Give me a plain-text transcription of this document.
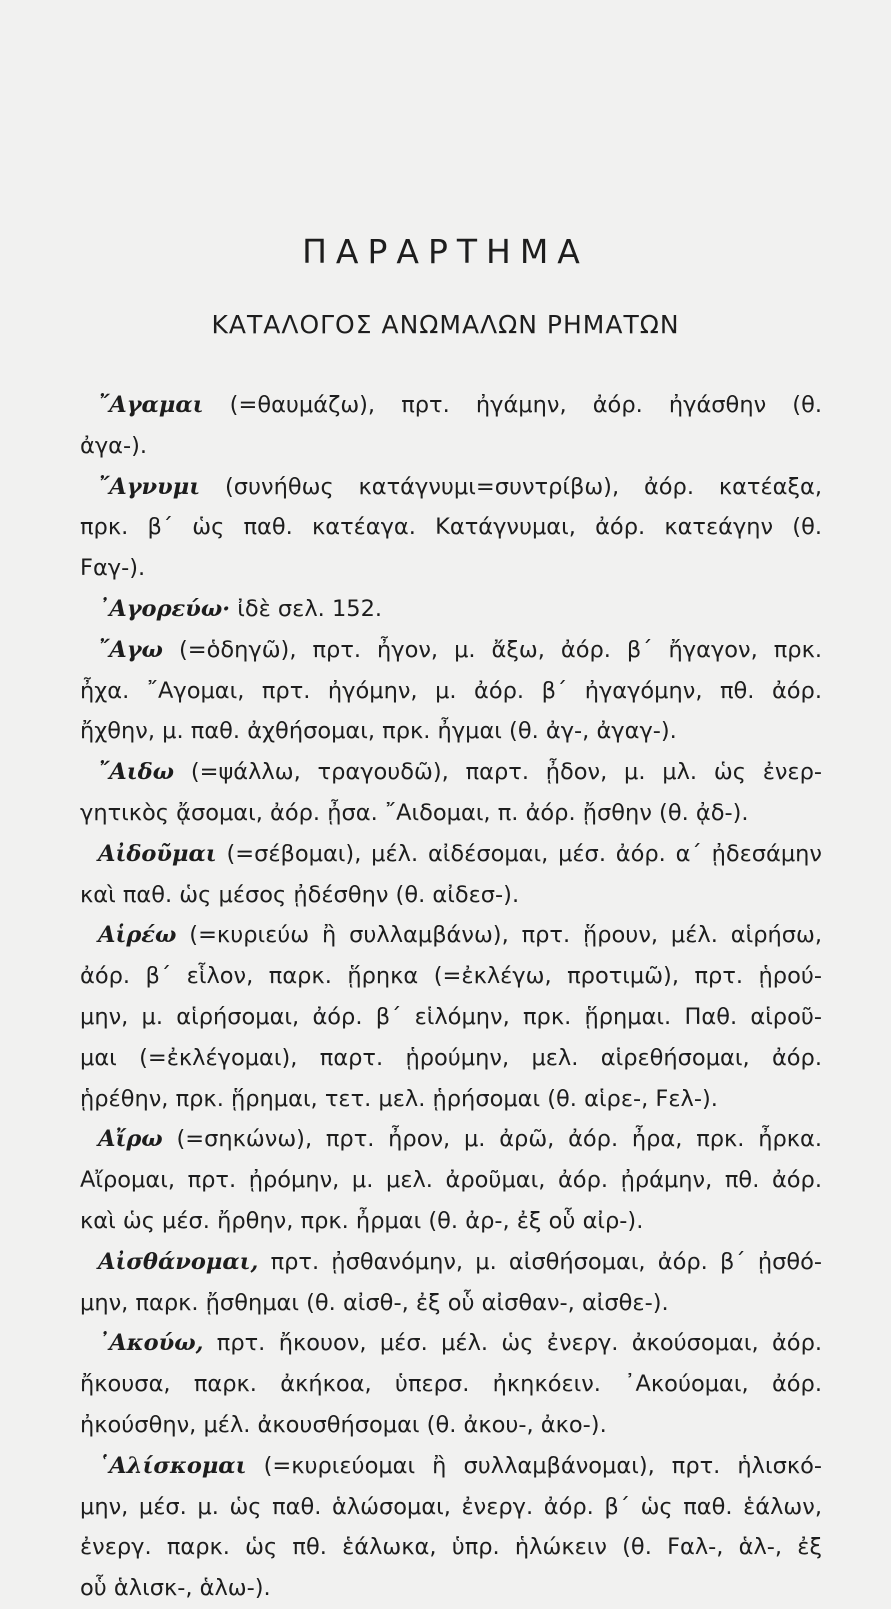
ΠΑΡΑΡΤΗΜΑ
ΚΑΤΑΛΟΓΟΣ ΑΝΩΜΑΛΩΝ ΡΗΜΑΤΩΝ
῎Αγαμαι (=θαυμάζω), πρτ. ἠγάμην, ἀόρ. ἠγάσθην (θ.
ἀγα-).
῎Αγνυμι (συνήθως κατάγνυμι=συντρίβω), ἀόρ. κατέαξα,
πρκ. β΄ ὡς παθ. κατέαγα. Κατάγνυμαι, ἀόρ. κατεάγην (θ.
Ϝαγ-).
᾿Αγορεύω· ἰδὲ σελ. 152.
῎Αγω (=ὁδηγῶ), πρτ. ἦγον, μ. ἄξω, ἀόρ. β΄ ἤγαγον, πρκ.
ἦχα. ῎Αγομαι, πρτ. ἠγόμην, μ. ἀόρ. β΄ ἠγαγόμην, πθ. ἀόρ.
ἤχθην, μ. παθ. ἀχθήσομαι, πρκ. ἦγμαι (θ. ἀγ-, ἀγαγ-).
῎Αιδω (=ψάλλω, τραγουδῶ), παρτ. ᾖδον, μ. μλ. ὡς ἐνερ-
γητικὸς ᾄσομαι, ἀόρ. ᾖσα. ῎Αιδομαι, π. ἀόρ. ᾔσθην (θ. ᾀδ-).
Αἰδοῦμαι (=σέβομαι), μέλ. αἰδέσομαι, μέσ. ἀόρ. α΄ ᾐδεσάμην
καὶ παθ. ὡς μέσος ᾐδέσθην (θ. αἰδεσ-).
Αἱρέω (=κυριεύω ἢ συλλαμβάνω), πρτ. ᾕρουν, μέλ. αἱρήσω,
ἀόρ. β΄ εἷλον, παρκ. ᾕρηκα (=ἐκλέγω, προτιμῶ), πρτ. ᾑρού-
μην, μ. αἱρήσομαι, ἀόρ. β΄ εἱλόμην, πρκ. ᾕρημαι. Παθ. αἱροῦ-
μαι (=ἐκλέγομαι), παρτ. ᾑρούμην, μελ. αἱρεθήσομαι, ἀόρ.
ᾑρέθην, πρκ. ᾕρημαι, τετ. μελ. ᾑρήσομαι (θ. αἱρε-, Ϝελ-).
Αἴρω (=σηκώνω), πρτ. ἦρον, μ. ἀρῶ, ἀόρ. ἦρα, πρκ. ἦρκα.
Αἴρομαι, πρτ. ᾐρόμην, μ. μελ. ἀροῦμαι, ἀόρ. ᾐράμην, πθ. ἀόρ.
καὶ ὡς μέσ. ἤρθην, πρκ. ἦρμαι (θ. ἀρ-, ἐξ οὗ αἰρ-).
Αἰσθάνομαι, πρτ. ᾐσθανόμην, μ. αἰσθήσομαι, ἀόρ. β΄ ᾐσθό-
μην, παρκ. ᾔσθημαι (θ. αἰσθ-, ἐξ οὗ αἰσθαν-, αἰσθε-).
᾿Ακούω, πρτ. ἤκουον, μέσ. μέλ. ὡς ἐνεργ. ἀκούσομαι, ἀόρ.
ἤκουσα, παρκ. ἀκήκοα, ὑπερσ. ἠκηκόειν. ᾿Ακούομαι, ἀόρ.
ἠκούσθην, μέλ. ἀκουσθήσομαι (θ. ἀκου-, ἀκο-).
῾Αλίσκομαι (=κυριεύομαι ἢ συλλαμβάνομαι), πρτ. ἡλισκό-
μην, μέσ. μ. ὡς παθ. ἁλώσομαι, ἐνεργ. ἀόρ. β΄ ὡς παθ. ἑάλων,
ἐνεργ. παρκ. ὡς πθ. ἑάλωκα, ὑπρ. ἡλώκειν (θ. Ϝαλ-, ἁλ-, ἐξ
οὗ ἁλισκ-, ἁλω-).
